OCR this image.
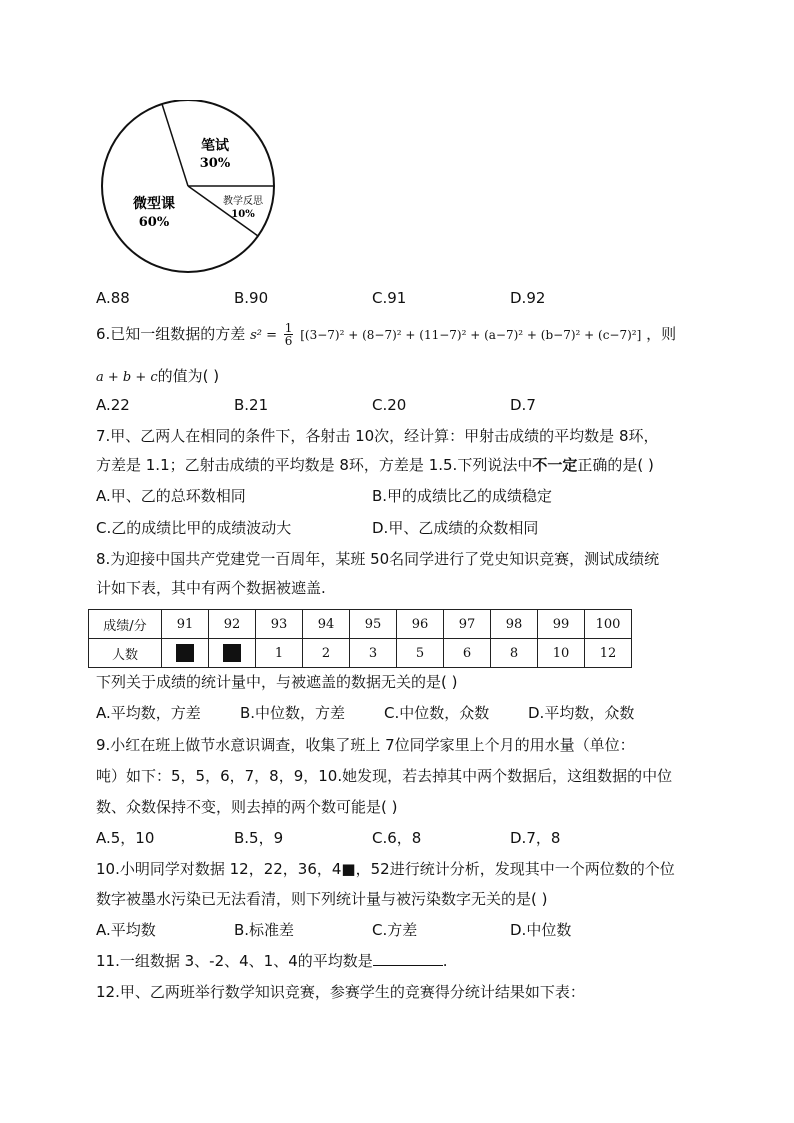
笔试
30%
教学反思
10%
微型课
60%
A.88	B.90	C.91	D.92
6.已知一组数据的方差 $s^2 = \frac{1}{6} [(3-7)^2 + (8-7)^2 + (11-7)^2 + (a-7)^2 + (b-7)^2 + (c-7)^2]$ ，则
a + b + c的值为( )
A.22	B.21	C.20	D.7
7.甲、乙两人在相同的条件下，各射击 10次，经计算：甲射击成绩的平均数是 8环，
方差是 1.1；乙射击成绩的平均数是 8环，方差是 1.5.下列说法中不一定正确的是( )
A.甲、乙的总环数相同	B.甲的成绩比乙的成绩稳定
C.乙的成绩比甲的成绩波动大	D.甲、乙成绩的众数相同
8.为迎接中国共产党建党一百周年，某班 50名同学进行了党史知识竞赛，测试成绩统
计如下表，其中有两个数据被遮盖.
成绩/分	91	92	93	94	95	96	97	98	99	100
人数			1	2	3	5	6	8	10	12
下列关于成绩的统计量中，与被遮盖的数据无关的是( )
A.平均数，方差	B.中位数，方差	C.中位数，众数	D.平均数，众数
9.小红在班上做节水意识调查，收集了班上 7位同学家里上个月的用水量（单位：
吨）如下：5，5，6，7，8，9，10.她发现，若去掉其中两个数据后，这组数据的中位
数、众数保持不变，则去掉的两个数可能是( )
A.5，10	B.5，9	C.6，8	D.7，8
10.小明同学对数据 12，22，36，4■，52进行统计分析，发现其中一个两位数的个位
数字被墨水污染已无法看清，则下列统计量与被污染数字无关的是( )
A.平均数	B.标准差	C.方差	D.中位数
11.一组数据 3、-2、4、1、4的平均数是	.
12.甲、乙两班举行数学知识竞赛，参赛学生的竞赛得分统计结果如下表：
